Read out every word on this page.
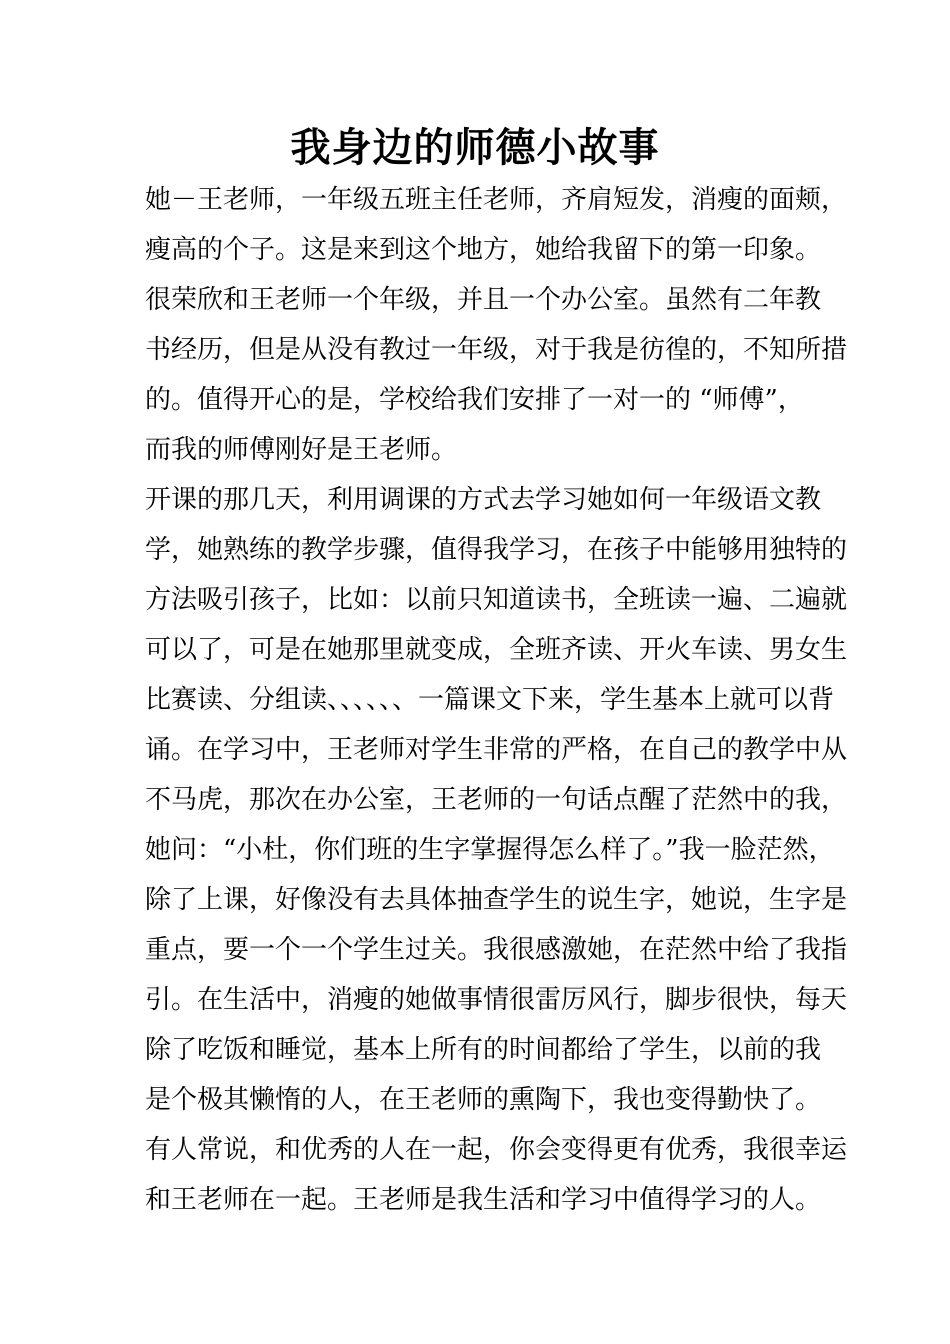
我身边的师德小故事
她－王老师，一年级五班主任老师，齐肩短发，消瘦的面颊，
瘦高的个子。这是来到这个地方，她给我留下的第一印象。
很荣欣和王老师一个年级，并且一个办公室。虽然有二年教
书经历，但是从没有教过一年级，对于我是彷徨的，不知所措
的。值得开心的是，学校给我们安排了一对一的 “师傅”，
而我的师傅刚好是王老师。
开课的那几天，利用调课的方式去学习她如何一年级语文教
学，她熟练的教学步骤，值得我学习，在孩子中能够用独特的
方法吸引孩子，比如：以前只知道读书，全班读一遍、二遍就
可以了，可是在她那里就变成，全班齐读、开火车读、男女生
比赛读、分组读、、、、、、一篇课文下来，学生基本上就可以背
诵。在学习中，王老师对学生非常的严格，在自己的教学中从
不马虎，那次在办公室，王老师的一句话点醒了茫然中的我，
她问：“小杜，你们班的生字掌握得怎么样了。”我一脸茫然，
除了上课，好像没有去具体抽查学生的说生字，她说，生字是
重点，要一个一个学生过关。我很感激她，在茫然中给了我指
引。在生活中，消瘦的她做事情很雷厉风行，脚步很快，每天
除了吃饭和睡觉，基本上所有的时间都给了学生，以前的我
是个极其懒惰的人，在王老师的熏陶下，我也变得勤快了。
有人常说，和优秀的人在一起，你会变得更有优秀，我很幸运
和王老师在一起。王老师是我生活和学习中值得学习的人。
